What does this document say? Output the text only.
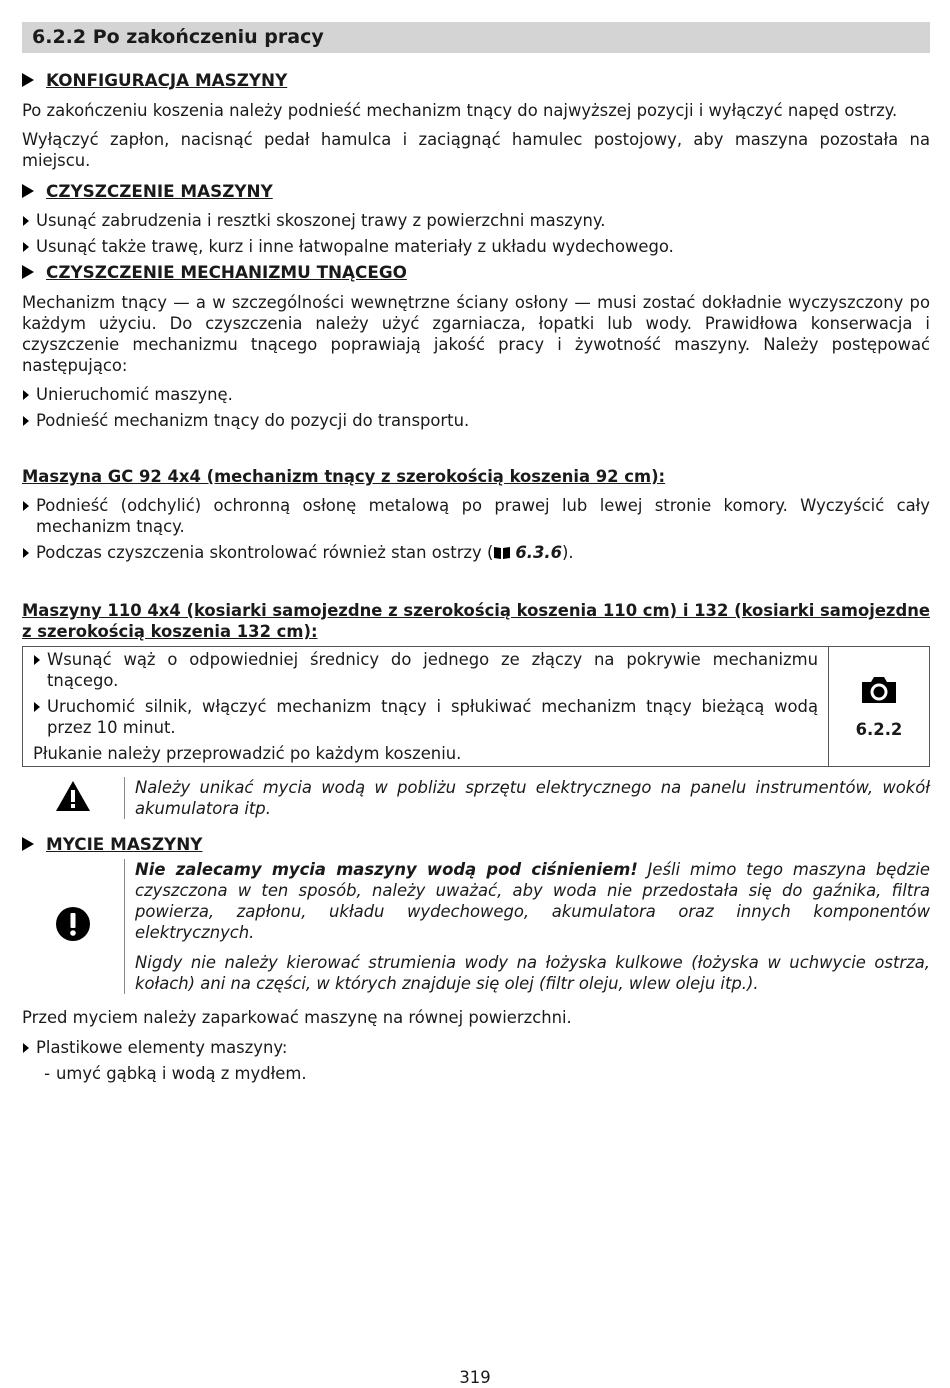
6.2.2 Po zakończeniu pracy
KONFIGURACJA MASZYNY

Po zakończeniu koszenia należy podnieść mechanizm tnący do najwyższej pozycji i wyłączyć napęd ostrzy.

Wyłączyć zapłon, nacisnąć pedał hamulca i zaciągnąć hamulec postojowy, aby maszyna pozostała na miejscu.

CZYSZCZENIE MASZYNY
Usunąć zabrudzenia i resztki skoszonej trawy z powierzchni maszyny.
Usunąć także trawę, kurz i inne łatwopalne materiały z układu wydechowego.
CZYSZCZENIE MECHANIZMU TNĄCEGO

Mechanizm tnący — a w szczególności wewnętrzne ściany osłony — musi zostać dokładnie wyczyszczony po każdym użyciu. Do czyszczenia należy użyć zgarniacza, łopatki lub wody. Prawidłowa konserwacja i czyszczenie mechanizmu tnącego poprawiają jakość pracy i żywotność maszyny. Należy postępować następująco:

Unieruchomić maszynę.
Podnieść mechanizm tnący do pozycji do transportu.
Maszyna GC 92 4x4 (mechanizm tnący z szerokością koszenia 92 cm):
Podnieść (odchylić) ochronną osłonę metalową po prawej lub lewej stronie komory. Wyczyścić cały mechanizm tnący.
Podczas czyszczenia skontrolować również stan ostrzy ( 6.3.6).
Maszyny 110 4x4 (kosiarki samojezdne z szerokością koszenia 110 cm) i 132 (kosiarki samojezdne z szerokością koszenia 132 cm):
Wsunąć wąż o odpowiedniej średnicy do jednego ze złączy na pokrywie mechanizmu tnącego.
Uruchomić silnik, włączyć mechanizm tnący i spłukiwać mechanizm tnący bieżącą wodą przez 10 minut.

Płukanie należy przeprowadzić po każdym koszeniu.

6.2.2
Należy unikać mycia wodą w pobliżu sprzętu elektrycznego na panelu instrumentów, wokół akumulatora itp.
MYCIE MASZYNY
Nie zalecamy mycia maszyny wodą pod ciśnieniem! Jeśli mimo tego maszyna będzie czyszczona w ten sposób, należy uważać, aby woda nie przedostała się do gaźnika, filtra powierza, zapłonu, układu wydechowego, akumulatora oraz innych komponentów elektrycznych.
Nigdy nie należy kierować strumienia wody na łożyska kulkowe (łożyska w uchwycie ostrza, kołach) ani na części, w których znajduje się olej (filtr oleju, wlew oleju itp.).

Przed myciem należy zaparkować maszynę na równej powierzchni.

Plastikowe elementy maszyny:
- umyć gąbką i wodą z mydłem.
319
